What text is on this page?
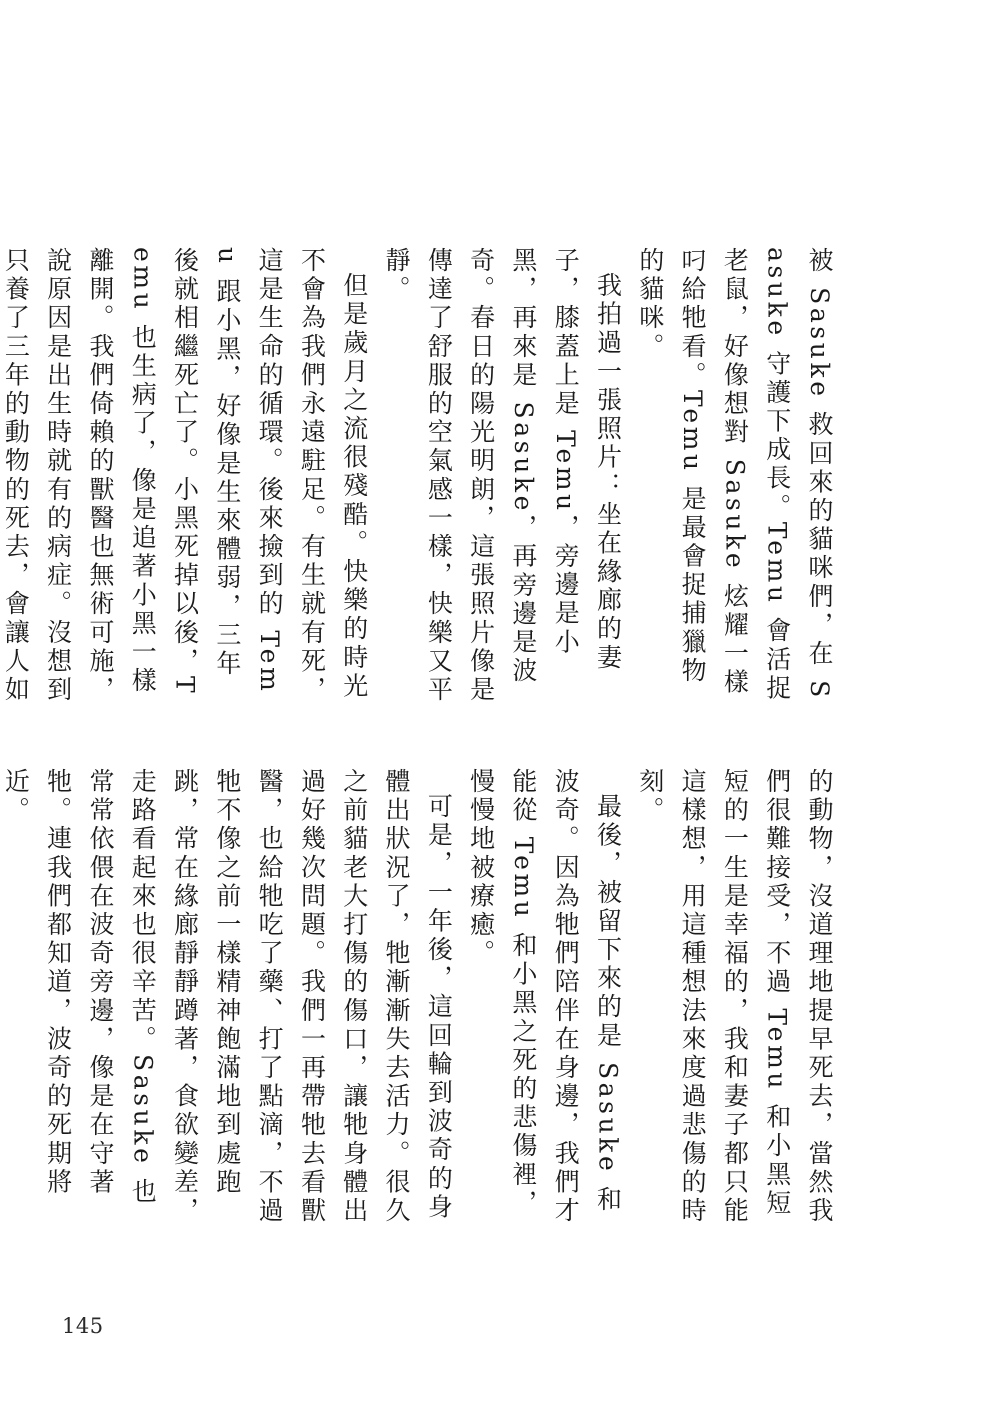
被 Sasuke 救回來的貓咪們，在 Sasuke 守護下成長。Temu 會活捉老鼠，好像想對 Sasuke 炫耀一樣叼給牠看。Temu 是最會捉捕獵物的貓咪。

我拍過一張照片：坐在緣廊的妻子，膝蓋上是 Temu，旁邊是小黑，再來是 Sasuke，再旁邊是波奇。春日的陽光明朗，這張照片像是傳達了舒服的空氣感一樣，快樂又平靜。

但是歲月之流很殘酷。快樂的時光不會為我們永遠駐足。有生就有死，這是生命的循環。後來撿到的 Temu 跟小黑，好像是生來體弱，三年後就相繼死亡了。小黑死掉以後，Temu 也生病了，像是追著小黑一樣離開。我們倚賴的獸醫也無術可施，說原因是出生時就有的病症。沒想到只養了三年的動物的死去，會讓人如

的動物，沒道理地提早死去，當然我們很難接受，不過 Temu 和小黑短短的一生是幸福的，我和妻子都只能這樣想，用這種想法來度過悲傷的時刻。

最後，被留下來的是 Sasuke 和波奇。因為牠們陪伴在身邊，我們才能從 Temu 和小黑之死的悲傷裡，慢慢地被療癒。

可是，一年後，這回輪到波奇的身體出狀況了，牠漸漸失去活力。很久之前貓老大打傷的傷口，讓牠身體出過好幾次問題。我們一再帶牠去看獸醫，也給牠吃了藥、打了點滴，不過牠不像之前一樣精神飽滿地到處跑跳，常在緣廊靜靜蹲著，食欲變差，走路看起來也很辛苦。Sasuke 也常常依偎在波奇旁邊，像是在守著牠。連我們都知道，波奇的死期將近。

145
